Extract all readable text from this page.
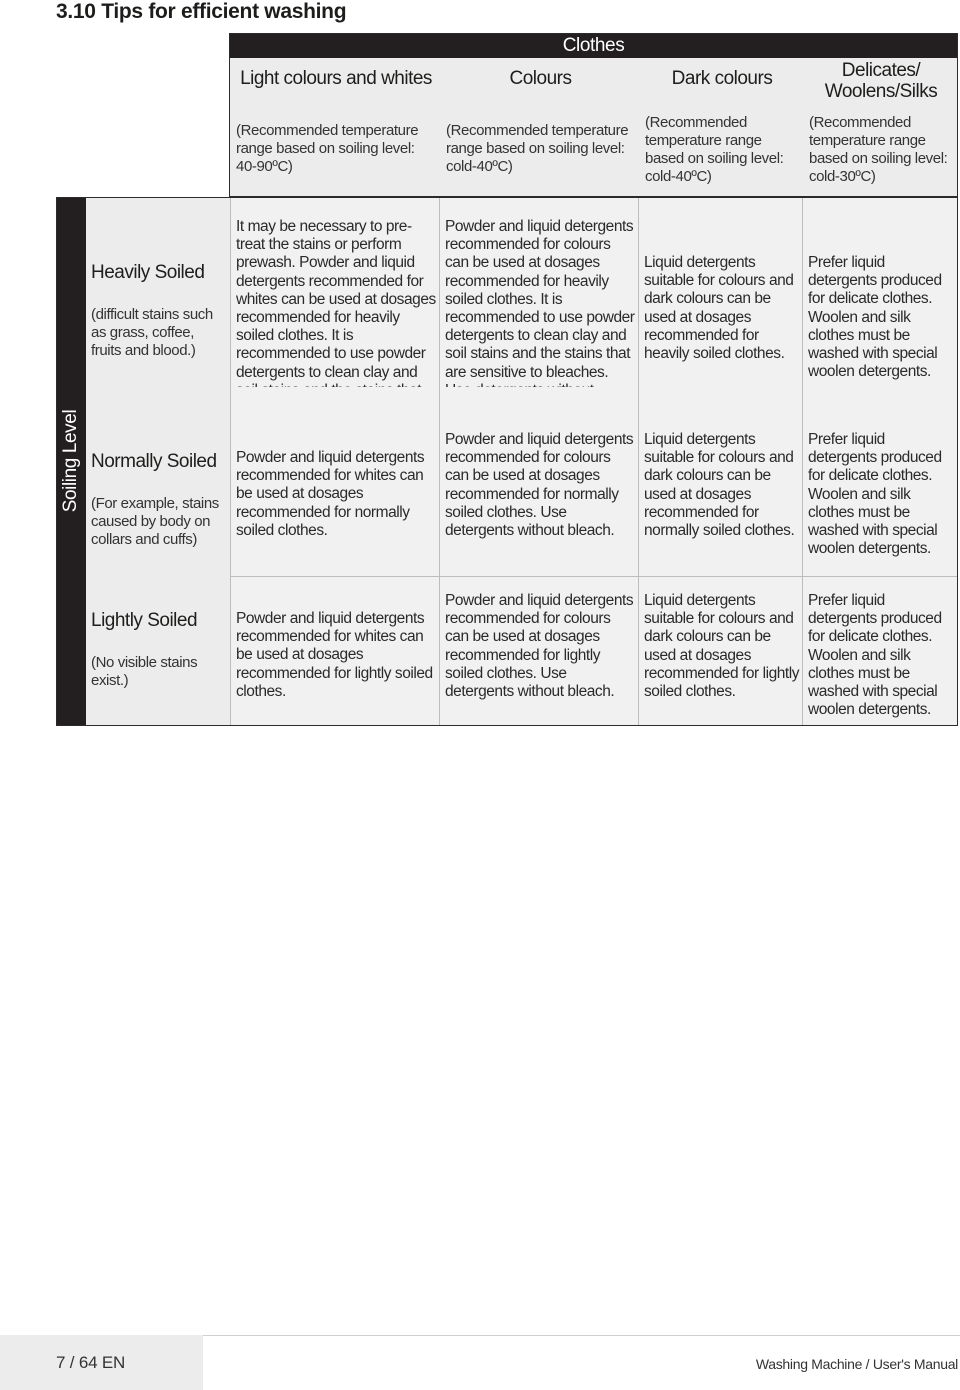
3.10 Tips for efficient washing
Clothes
Light colours and whites
(Recommended temperature range based on soiling level: 40-90ºC)
Colours
(Recommended temperature range based on soiling level: cold-40ºC)
Dark colours
(Recommended temperature range based on soiling level: cold-40ºC)
Delicates/ Woolens/Silks
(Recommended temperature range based on soiling level: cold-30ºC)
Soiling Level
Heavily Soiled
(difficult stains such as grass, coffee, fruits and blood.)
Normally Soiled
(For example, stains caused by body on collars and cuffs)
Lightly Soiled
(No visible stains exist.)
It may be necessary to pre-treat the stains or perform prewash. Powder and liquid detergents recommended for whites can be used at dosages recommended for heavily soiled clothes. It is recommended to use powder detergents to clean clay and
Powder and liquid detergents recommended for colours can be used at dosages recommended for heavily soiled clothes. It is recommended to use powder detergents to clean clay and soil stains and the stains that are sensitive to bleaches.
Liquid detergents suitable for colours and dark colours can be used at dosages recommended for heavily soiled clothes.
Prefer liquid detergents produced for delicate clothes. Woolen and silk clothes must be washed with special woolen detergents.
Powder and liquid detergents recommended for whites can be used at dosages recommended for normally soiled clothes.
Powder and liquid detergents recommended for colours can be used at dosages recommended for normally soiled clothes. Use detergents without bleach.
Liquid detergents suitable for colours and dark colours can be used at dosages recommended for normally soiled clothes.
Prefer liquid detergents produced for delicate clothes. Woolen and silk clothes must be washed with special woolen detergents.
Powder and liquid detergents recommended for whites can be used at dosages recommended for lightly soiled clothes.
Powder and liquid detergents recommended for colours can be used at dosages recommended for lightly soiled clothes. Use detergents without bleach.
Liquid detergents suitable for colours and dark colours can be used at dosages recommended for lightly soiled clothes.
Prefer liquid detergents produced for delicate clothes. Woolen and silk clothes must be washed with special woolen detergents.
7 / 64 EN	Washing Machine / User's Manual
